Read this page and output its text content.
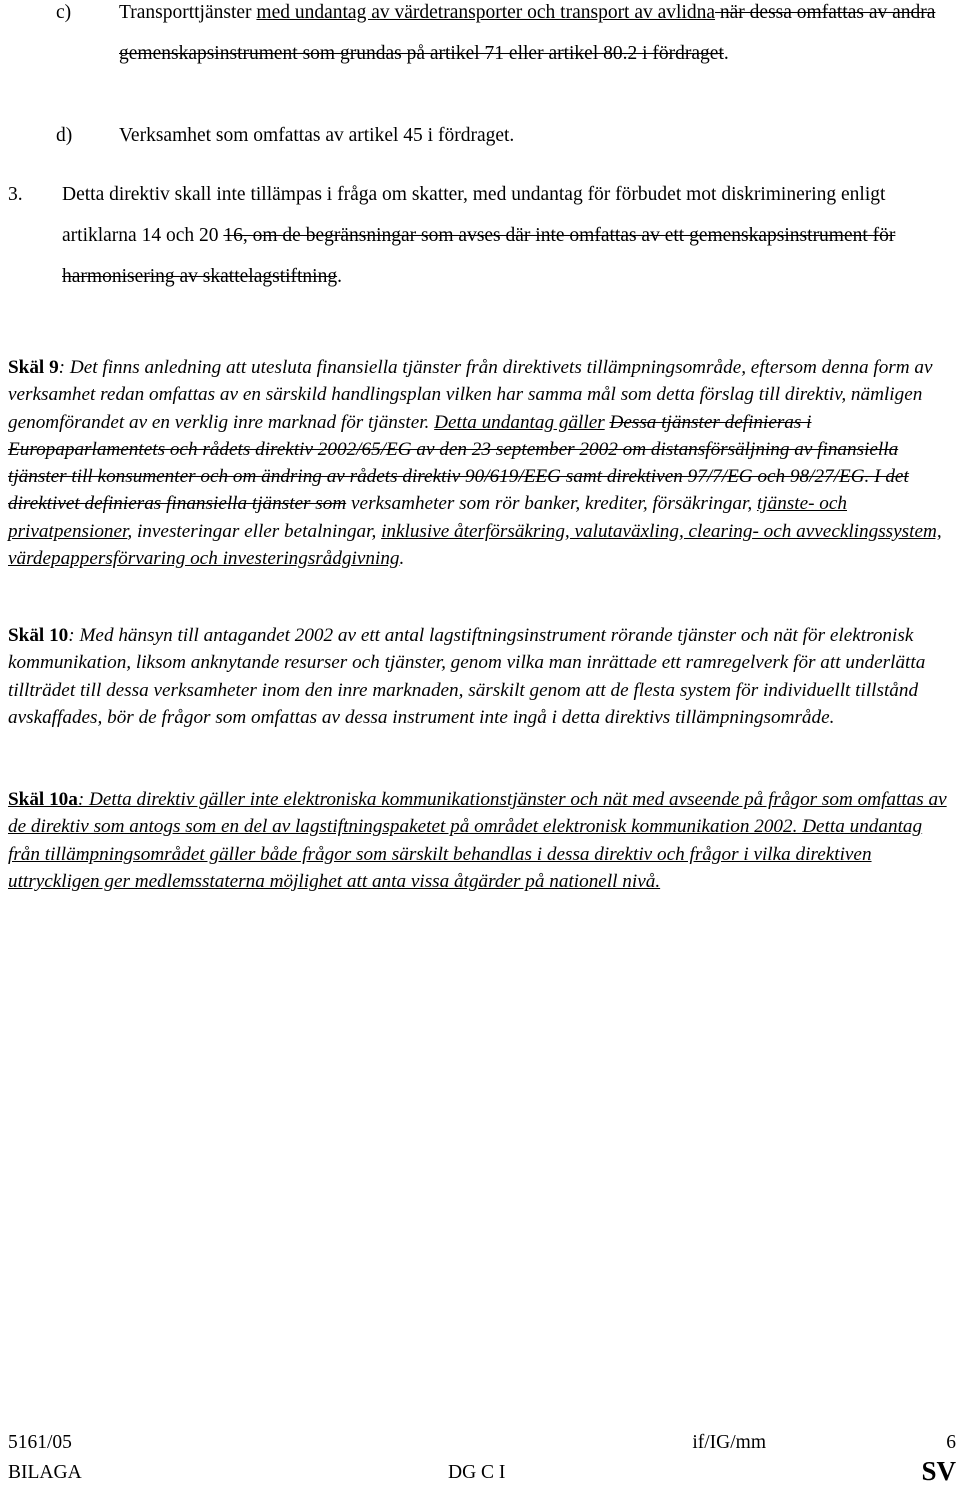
c) Transporttjänster med undantag av värdetransporter och transport av avlidna när dessa omfattas av andra gemenskapsinstrument som grundas på artikel 71 eller artikel 80.2 i fördraget.
d) Verksamhet som omfattas av artikel 45 i fördraget.
3. Detta direktiv skall inte tillämpas i fråga om skatter, med undantag för förbudet mot diskriminering enligt artiklarna 14 och 20 16, om de begränsningar som avses där inte omfattas av ett gemenskapsinstrument för harmonisering av skattelagstiftning.
Skäl 9: Det finns anledning att utesluta finansiella tjänster från direktivets tillämpningsområde, eftersom denna form av verksamhet redan omfattas av en särskild handlingsplan vilken har samma mål som detta förslag till direktiv, nämligen genomförandet av en verklig inre marknad för tjänster. Detta undantag gäller Dessa tjänster definieras i Europaparlamentets och rådets direktiv 2002/65/EG av den 23 september 2002 om distansförsäljning av finansiella tjänster till konsumenter och om ändring av rådets direktiv 90/619/EEG samt direktiven 97/7/EG och 98/27/EG. I det direktivet definieras finansiella tjänster som verksamheter som rör banker, krediter, försäkringar, tjänste- och privatpensioner, investeringar eller betalningar, inklusive återförsäkring, valutaväxling, clearing- och avvecklingssystem, värdepappersförvaring och investeringsrådgivning.
Skäl 10: Med hänsyn till antagandet 2002 av ett antal lagstiftningsinstrument rörande tjänster och nät för elektronisk kommunikation, liksom anknytande resurser och tjänster, genom vilka man inrättade ett ramregelverk för att underlätta tillträdet till dessa verksamheter inom den inre marknaden, särskilt genom att de flesta system för individuellt tillstånd avskaffades, bör de frågor som omfattas av dessa instrument inte ingå i detta direktivs tillämpningsområde.
Skäl 10a: Detta direktiv gäller inte elektroniska kommunikationstjänster och nät med avseende på frågor som omfattas av de direktiv som antogs som en del av lagstiftningspaketet på området elektronisk kommunikation 2002. Detta undantag från tillämpningsområdet gäller både frågor som särskilt behandlas i dessa direktiv och frågor i vilka direktiven uttryckligen ger medlemsstaterna möjlighet att anta vissa åtgärder på nationell nivå.
5161/05	if/IG/mm	6
BILAGA	DG C I	SV
